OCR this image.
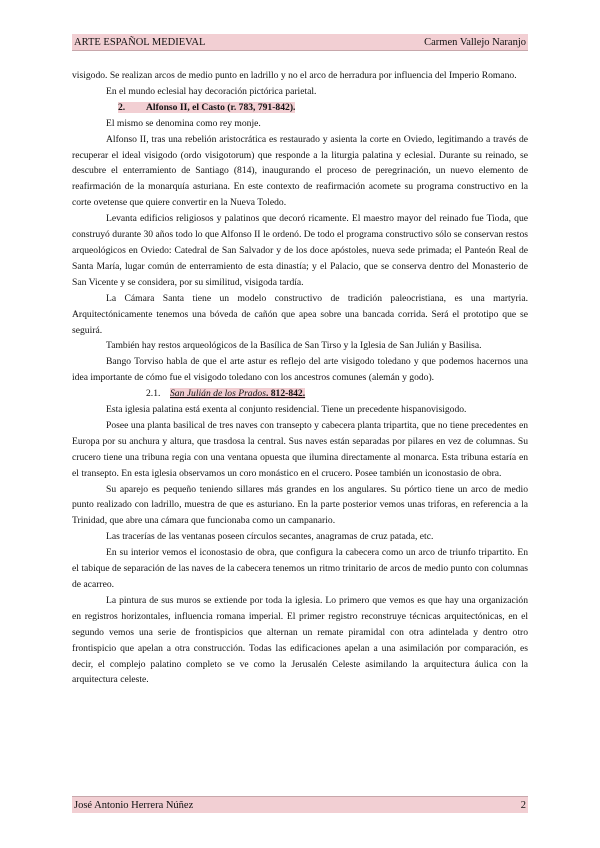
ARTE ESPAÑOL MEDIEVAL	Carmen Vallejo Naranjo

visigodo. Se realizan arcos de medio punto en ladrillo y no el arco de herradura por influencia del Imperio Romano.

En el mundo eclesial hay decoración pictórica parietal.

2. Alfonso II, el Casto (r. 783, 791-842).

El mismo se denomina como rey monje.

Alfonso II, tras una rebelión aristocrática es restaurado y asienta la corte en Oviedo, legitimando a través de recuperar el ideal visigodo (ordo visigotorum) que responde a la liturgia palatina y eclesial. Durante su reinado, se descubre el enterramiento de Santiago (814), inaugurando el proceso de peregrinación, un nuevo elemento de reafirmación de la monarquía asturiana. En este contexto de reafirmación acomete su programa constructivo en la corte ovetense que quiere convertir en la Nueva Toledo.

Levanta edificios religiosos y palatinos que decoró ricamente. El maestro mayor del reinado fue Tioda, que construyó durante 30 años todo lo que Alfonso II le ordenó. De todo el programa constructivo sólo se conservan restos arqueológicos en Oviedo: Catedral de San Salvador y de los doce apóstoles, nueva sede primada; el Panteón Real de Santa María, lugar común de enterramiento de esta dinastía; y el Palacio, que se conserva dentro del Monasterio de San Vicente y se considera, por su similitud, visigoda tardía.

La Cámara Santa tiene un modelo constructivo de tradición paleocristiana, es una martyria. Arquitectónicamente tenemos una bóveda de cañón que apea sobre una bancada corrida. Será el prototipo que se seguirá.

También hay restos arqueológicos de la Basílica de San Tirso y la Iglesia de San Julián y Basilisa.

Bango Torviso habla de que el arte astur es reflejo del arte visigodo toledano y que podemos hacernos una idea importante de cómo fue el visigodo toledano con los ancestros comunes (alemán y godo).

2.1. San Julián de los Prados. 812-842.

Esta iglesia palatina está exenta al conjunto residencial. Tiene un precedente hispanovisigodo.

Posee una planta basilical de tres naves con transepto y cabecera planta tripartita, que no tiene precedentes en Europa por su anchura y altura, que trasdosa la central. Sus naves están separadas por pilares en vez de columnas. Su crucero tiene una tribuna regia con una ventana opuesta que ilumina directamente al monarca. Esta tribuna estaría en el transepto. En esta iglesia observamos un coro monástico en el crucero. Posee también un iconostasio de obra.

Su aparejo es pequeño teniendo sillares más grandes en los angulares. Su pórtico tiene un arco de medio punto realizado con ladrillo, muestra de que es asturiano. En la parte posterior vemos unas triforas, en referencia a la Trinidad, que abre una cámara que funcionaba como un campanario.

Las tracerías de las ventanas poseen círculos secantes, anagramas de cruz patada, etc.

En su interior vemos el iconostasio de obra, que configura la cabecera como un arco de triunfo tripartito. En el tabique de separación de las naves de la cabecera tenemos un ritmo trinitario de arcos de medio punto con columnas de acarreo.

La pintura de sus muros se extiende por toda la iglesia. Lo primero que vemos es que hay una organización en registros horizontales, influencia romana imperial. El primer registro reconstruye técnicas arquitectónicas, en el segundo vemos una serie de frontispicios que alternan un remate piramidal con otra adintelada y dentro otro frontispicio que apelan a otra construcción. Todas las edificaciones apelan a una asimilación por comparación, es decir, el complejo palatino completo se ve como la Jerusalén Celeste asimilando la arquitectura áulica con la arquitectura celeste.

José Antonio Herrera Núñez	2
